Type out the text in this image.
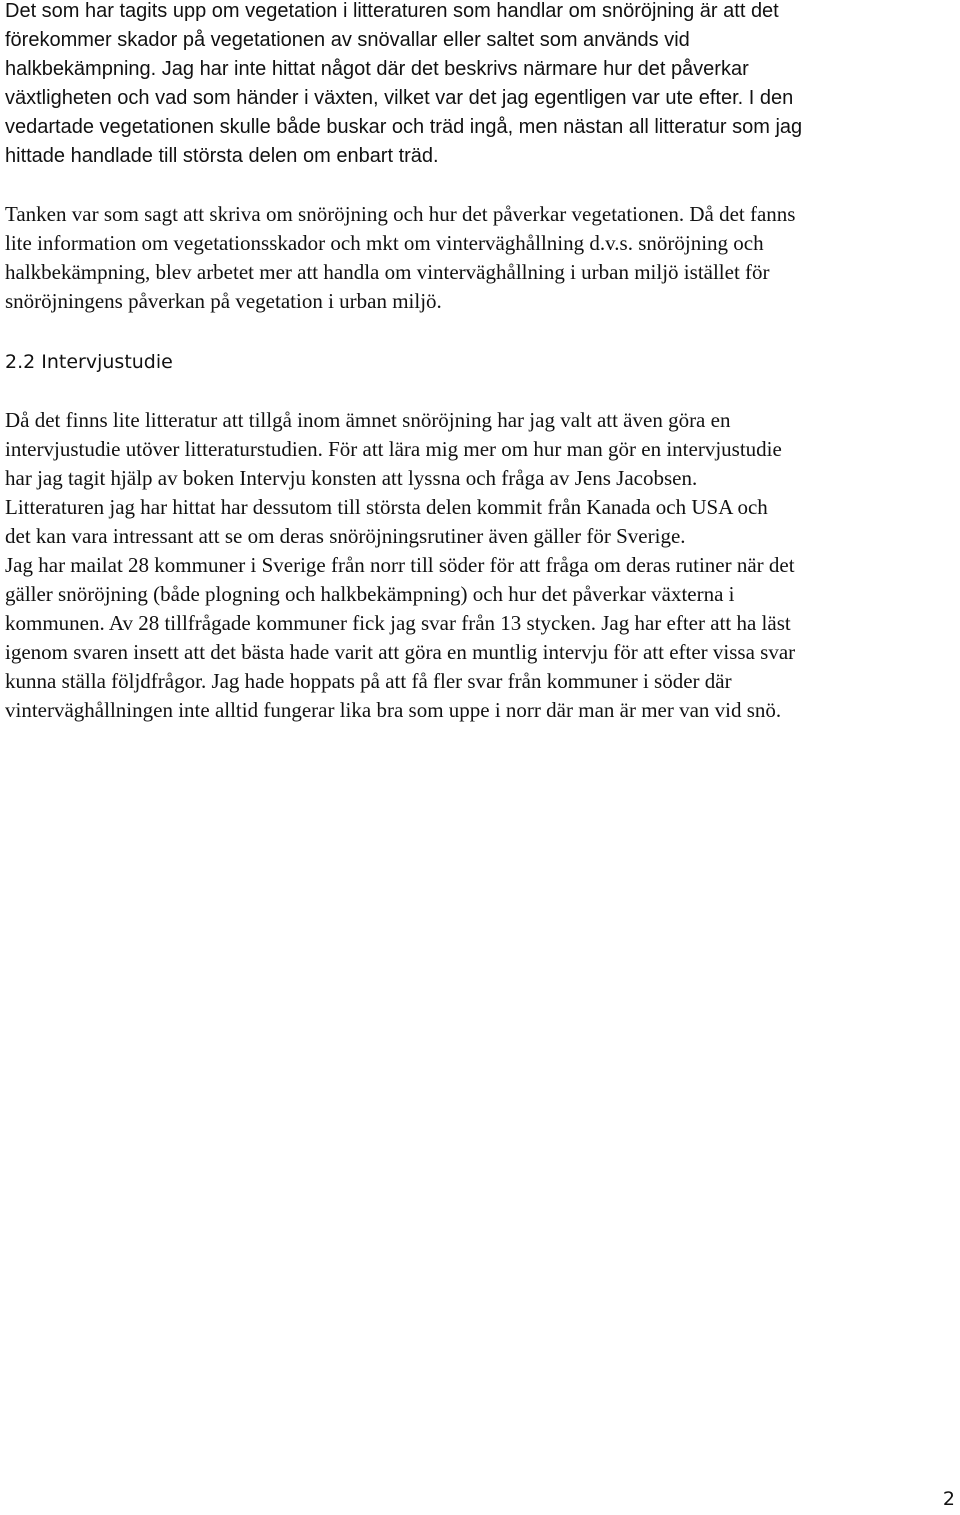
Det som har tagits upp om vegetation i litteraturen som handlar om snöröjning är att det
förekommer skador på vegetationen av snövallar eller saltet som används vid
halkbekämpning. Jag har inte hittat något där det beskrivs närmare hur det påverkar
växtligheten och vad som händer i växten, vilket var det jag egentligen var ute efter. I den
vedartade vegetationen skulle både buskar och träd ingå, men nästan all litteratur som jag
hittade handlade till största delen om enbart träd.

Tanken var som sagt att skriva om snöröjning och hur det påverkar vegetationen. Då det fanns
lite information om vegetationsskador och mkt om vinterväghållning d.v.s. snöröjning och
halkbekämpning, blev arbetet mer att handla om vinterväghållning i urban miljö istället för
snöröjningens påverkan på vegetation i urban miljö.

2.2 Intervjustudie

Då det finns lite litteratur att tillgå inom ämnet snöröjning har jag valt att även göra en
intervjustudie utöver litteraturstudien. För att lära mig mer om hur man gör en intervjustudie
har jag tagit hjälp av boken Intervju konsten att lyssna och fråga av Jens Jacobsen.
Litteraturen jag har hittat har dessutom till största delen kommit från Kanada och USA och
det kan vara intressant att se om deras snöröjningsrutiner även gäller för Sverige.
Jag har mailat 28 kommuner i Sverige från norr till söder för att fråga om deras rutiner när det
gäller snöröjning (både plogning och halkbekämpning) och hur det påverkar växterna i
kommunen. Av 28 tillfrågade kommuner fick jag svar från 13 stycken. Jag har efter att ha läst
igenom svaren insett att det bästa hade varit att göra en muntlig intervju för att efter vissa svar
kunna ställa följdfrågor. Jag hade hoppats på att få fler svar från kommuner i söder där
vinterväghållningen inte alltid fungerar lika bra som uppe i norr där man är mer van vid snö.

2
